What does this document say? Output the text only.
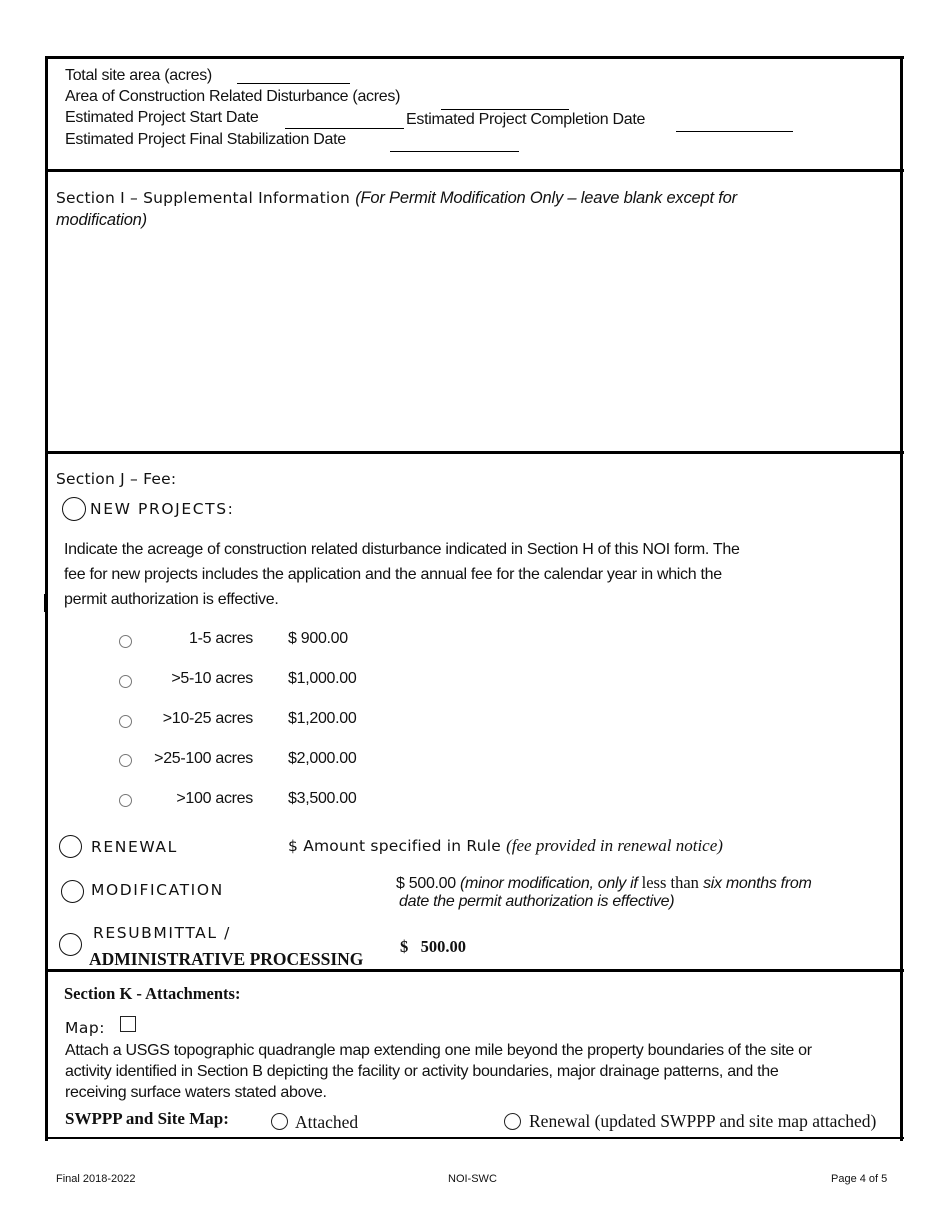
Total site area (acres)
Area of Construction Related Disturbance (acres)
Estimated Project Start Date	Estimated Project Completion Date
Estimated Project Final Stabilization Date
Section I – Supplemental Information (For Permit Modification Only – leave blank except for
modification)
Section J – Fee:
NEW PROJECTS:
Indicate the acreage of construction related disturbance indicated in Section H of this NOI form. The
fee for new projects includes the application and the annual fee for the calendar year in which the
permit authorization is effective.
1-5 acres $ 900.00
>5-10 acres $1,000.00
>10-25 acres $1,200.00
>25-100 acres $2,000.00
>100 acres $3,500.00
RENEWAL	$ Amount specified in Rule (fee provided in renewal notice)
MODIFICATION	$ 500.00 (minor modification, only if less than six months from
date the permit authorization is effective)
RESUBMITTAL /
ADMINISTRATIVE PROCESSING
$   500.00
Section K - Attachments:
Map:
Attach a USGS topographic quadrangle map extending one mile beyond the property boundaries of the site or
activity identified in Section B depicting the facility or activity boundaries, major drainage patterns, and the
receiving surface waters stated above.
SWPPP and Site Map:	Attached	Renewal (updated SWPPP and site map attached)
Final 2018-2022	NOI-SWC	Page 4 of 5
